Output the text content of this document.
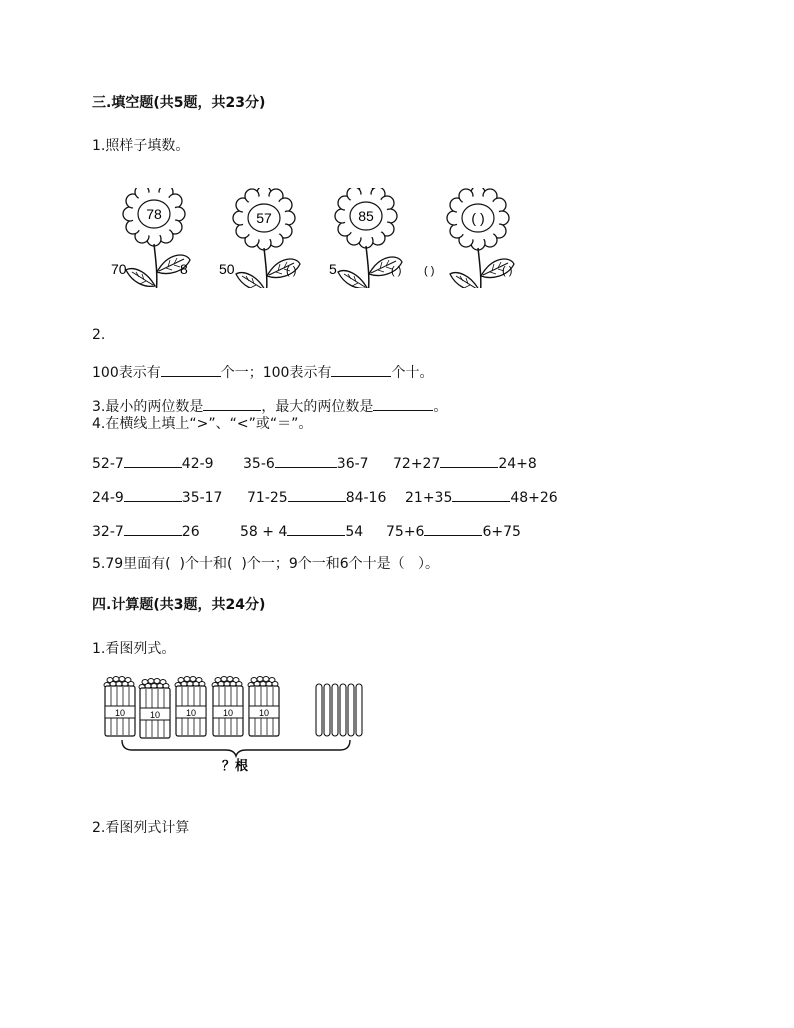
三.填空题(共5题，共23分)
1.照样子填数。
78	57	85	( )
70	8 50	( ) 5	( ) ( )	( )
2.
100表示有	个一；100表示有	个十。
3.最小的两位数是	，最大的两位数是	。
4.在横线上填上“>”、“<”或“＝”。
52-7	42-9 35-6	36-7 72+27	24+8
24-9	35-17 71-25	84-16 21+35	48+26
32-7	26	58 + 4	54 75+6	6+75
5.79里面有(  )个十和(  )个一；9个一和6个十是（   ）。
四.计算题(共3题，共24分)
1.看图列式。
10	10	10	10	10
？根
2.看图列式计算
